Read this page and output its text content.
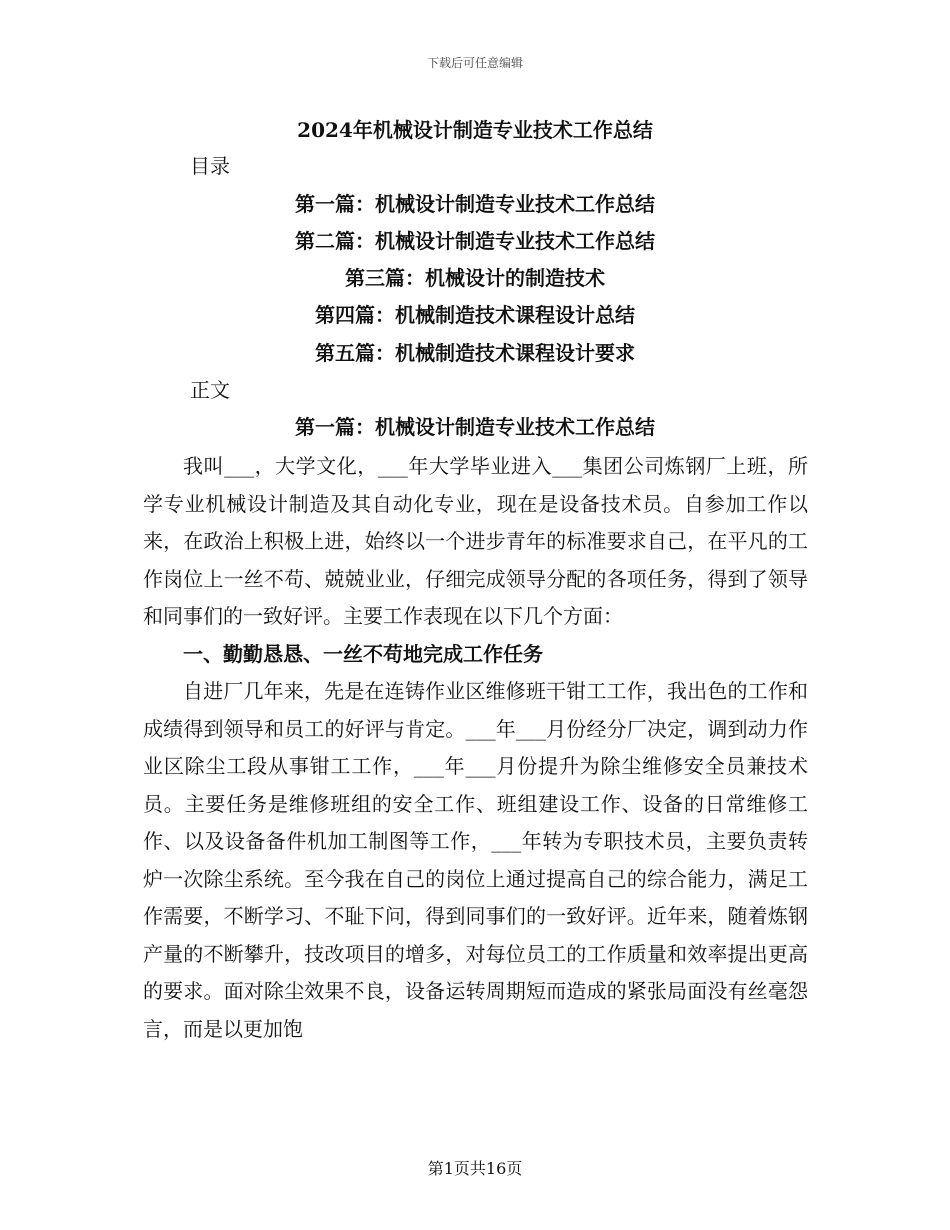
下载后可任意编辑
2024年机械设计制造专业技术工作总结
目录
第一篇：机械设计制造专业技术工作总结
第二篇：机械设计制造专业技术工作总结
第三篇：机械设计的制造技术
第四篇：机械制造技术课程设计总结
第五篇：机械制造技术课程设计要求
正文
第一篇：机械设计制造专业技术工作总结

我叫___，大学文化，___年大学毕业进入___集团公司炼钢厂上班，所学专业机械设计制造及其自动化专业，现在是设备技术员。自参加工作以来，在政治上积极上进，始终以一个进步青年的标准要求自己，在平凡的工作岗位上一丝不苟、兢兢业业，仔细完成领导分配的各项任务，得到了领导和同事们的一致好评。主要工作表现在以下几个方面：

一、勤勤恳恳、一丝不苟地完成工作任务

自进厂几年来，先是在连铸作业区维修班干钳工工作，我出色的工作和成绩得到领导和员工的好评与肯定。___年___月份经分厂决定，调到动力作业区除尘工段从事钳工工作，___年___月份提升为除尘维修安全员兼技术员。主要任务是维修班组的安全工作、班组建设工作、设备的日常维修工作、以及设备备件机加工制图等工作，___年转为专职技术员，主要负责转炉一次除尘系统。至今我在自己的岗位上通过提高自己的综合能力，满足工作需要，不断学习、不耻下问，得到同事们的一致好评。近年来，随着炼钢产量的不断攀升，技改项目的增多，对每位员工的工作质量和效率提出更高的要求。面对除尘效果不良，设备运转周期短而造成的紧张局面没有丝毫怨言，而是以更加饱

第1页共16页
